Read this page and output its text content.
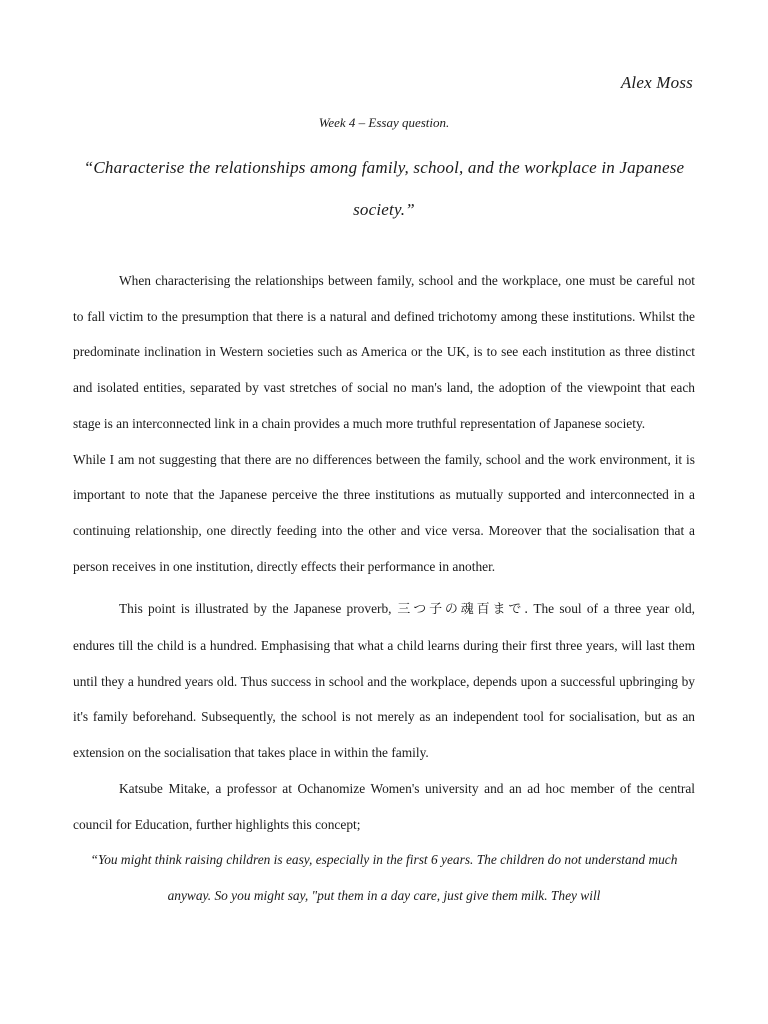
Alex Moss
Week 4 – Essay question.
“Characterise the relationships among family, school, and the workplace in Japanese society.”

When characterising the relationships between family, school and the workplace, one must be careful not to fall victim to the presumption that there is a natural and defined trichotomy among these institutions. Whilst the predominate inclination in Western societies such as America or the UK, is to see each institution as three distinct and isolated entities, separated by vast stretches of social no man's land, the adoption of the viewpoint that each stage is an interconnected link in a chain provides a much more truthful representation of Japanese society.

While I am not suggesting that there are no differences between the family, school and the work environment, it is important to note that the Japanese perceive the three institutions as mutually supported and interconnected in a continuing relationship, one directly feeding into the other and vice versa. Moreover that the socialisation that a person receives in one institution, directly effects their performance in another.

This point is illustrated by the Japanese proverb, 三つ子の魂百まで. The soul of a three year old, endures till the child is a hundred. Emphasising that what a child learns during their first three years, will last them until they a hundred years old. Thus success in school and the workplace, depends upon a successful upbringing by it's family beforehand. Subsequently, the school is not merely as an independent tool for socialisation, but as an extension on the socialisation that takes place in within the family.

Katsube Mitake, a professor at Ochanomize Women's university and an ad hoc member of the central council for Education, further highlights this concept;

“You might think raising children is easy, especially in the first 6 years. The children do not understand much anyway. So you might say, "put them in a day care, just give them milk. They will
